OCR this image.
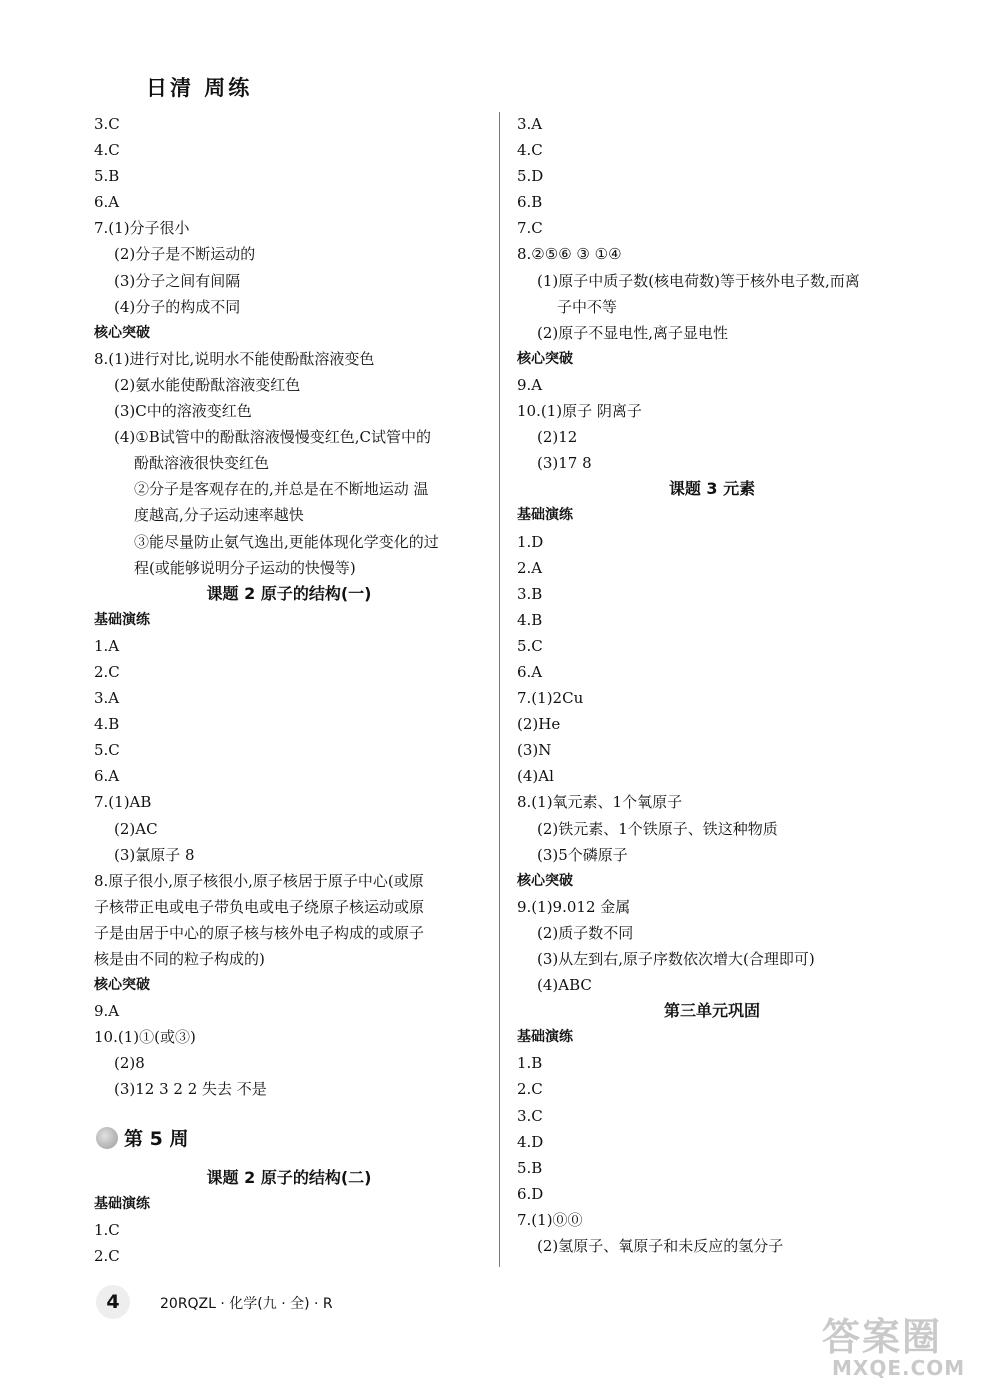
日清 周练
3.C
4.C
5.B
6.A
7.(1)分子很小
(2)分子是不断运动的
(3)分子之间有间隔
(4)分子的构成不同
核心突破
8.(1)进行对比,说明水不能使酚酞溶液变色
(2)氨水能使酚酞溶液变红色
(3)C中的溶液变红色
(4)①B试管中的酚酞溶液慢慢变红色,C试管中的
酚酞溶液很快变红色
②分子是客观存在的,并总是在不断地运动 温
度越高,分子运动速率越快
③能尽量防止氨气逸出,更能体现化学变化的过
程(或能够说明分子运动的快慢等)
课题 2 原子的结构(一)
基础演练
1.A
2.C
3.A
4.B
5.C
6.A
7.(1)AB
(2)AC
(3)氯原子 8
8.原子很小,原子核很小,原子核居于原子中心(或原
子核带正电或电子带负电或电子绕原子核运动或原
子是由居于中心的原子核与核外电子构成的或原子
核是由不同的粒子构成的)
核心突破
9.A
10.(1)①(或③)
(2)8
(3)12 3 2 2 失去 不是
第 5 周
课题 2 原子的结构(二)
基础演练
1.C
2.C
3.A
4.C
5.D
6.B
7.C
8.②⑤⑥ ③ ①④
(1)原子中质子数(核电荷数)等于核外电子数,而离
子中不等
(2)原子不显电性,离子显电性
核心突破
9.A
10.(1)原子 阴离子
(2)12
(3)17 8
课题 3 元素
基础演练
1.D
2.A
3.B
4.B
5.C
6.A
7.(1)2Cu
(2)He
(3)N
(4)Al
8.(1)氧元素、1个氧原子
(2)铁元素、1个铁原子、铁这种物质
(3)5个磷原子
核心突破
9.(1)9.012 金属
(2)质子数不同
(3)从左到右,原子序数依次增大(合理即可)
(4)ABC
第三单元巩固
基础演练
1.B
2.C
3.C
4.D
5.B
6.D
7.(1)⓪⓪
(2)氢原子、氧原子和未反应的氢分子
4	20RQZL · 化学(九 · 全) · R
答案圈
MXQE.COM
